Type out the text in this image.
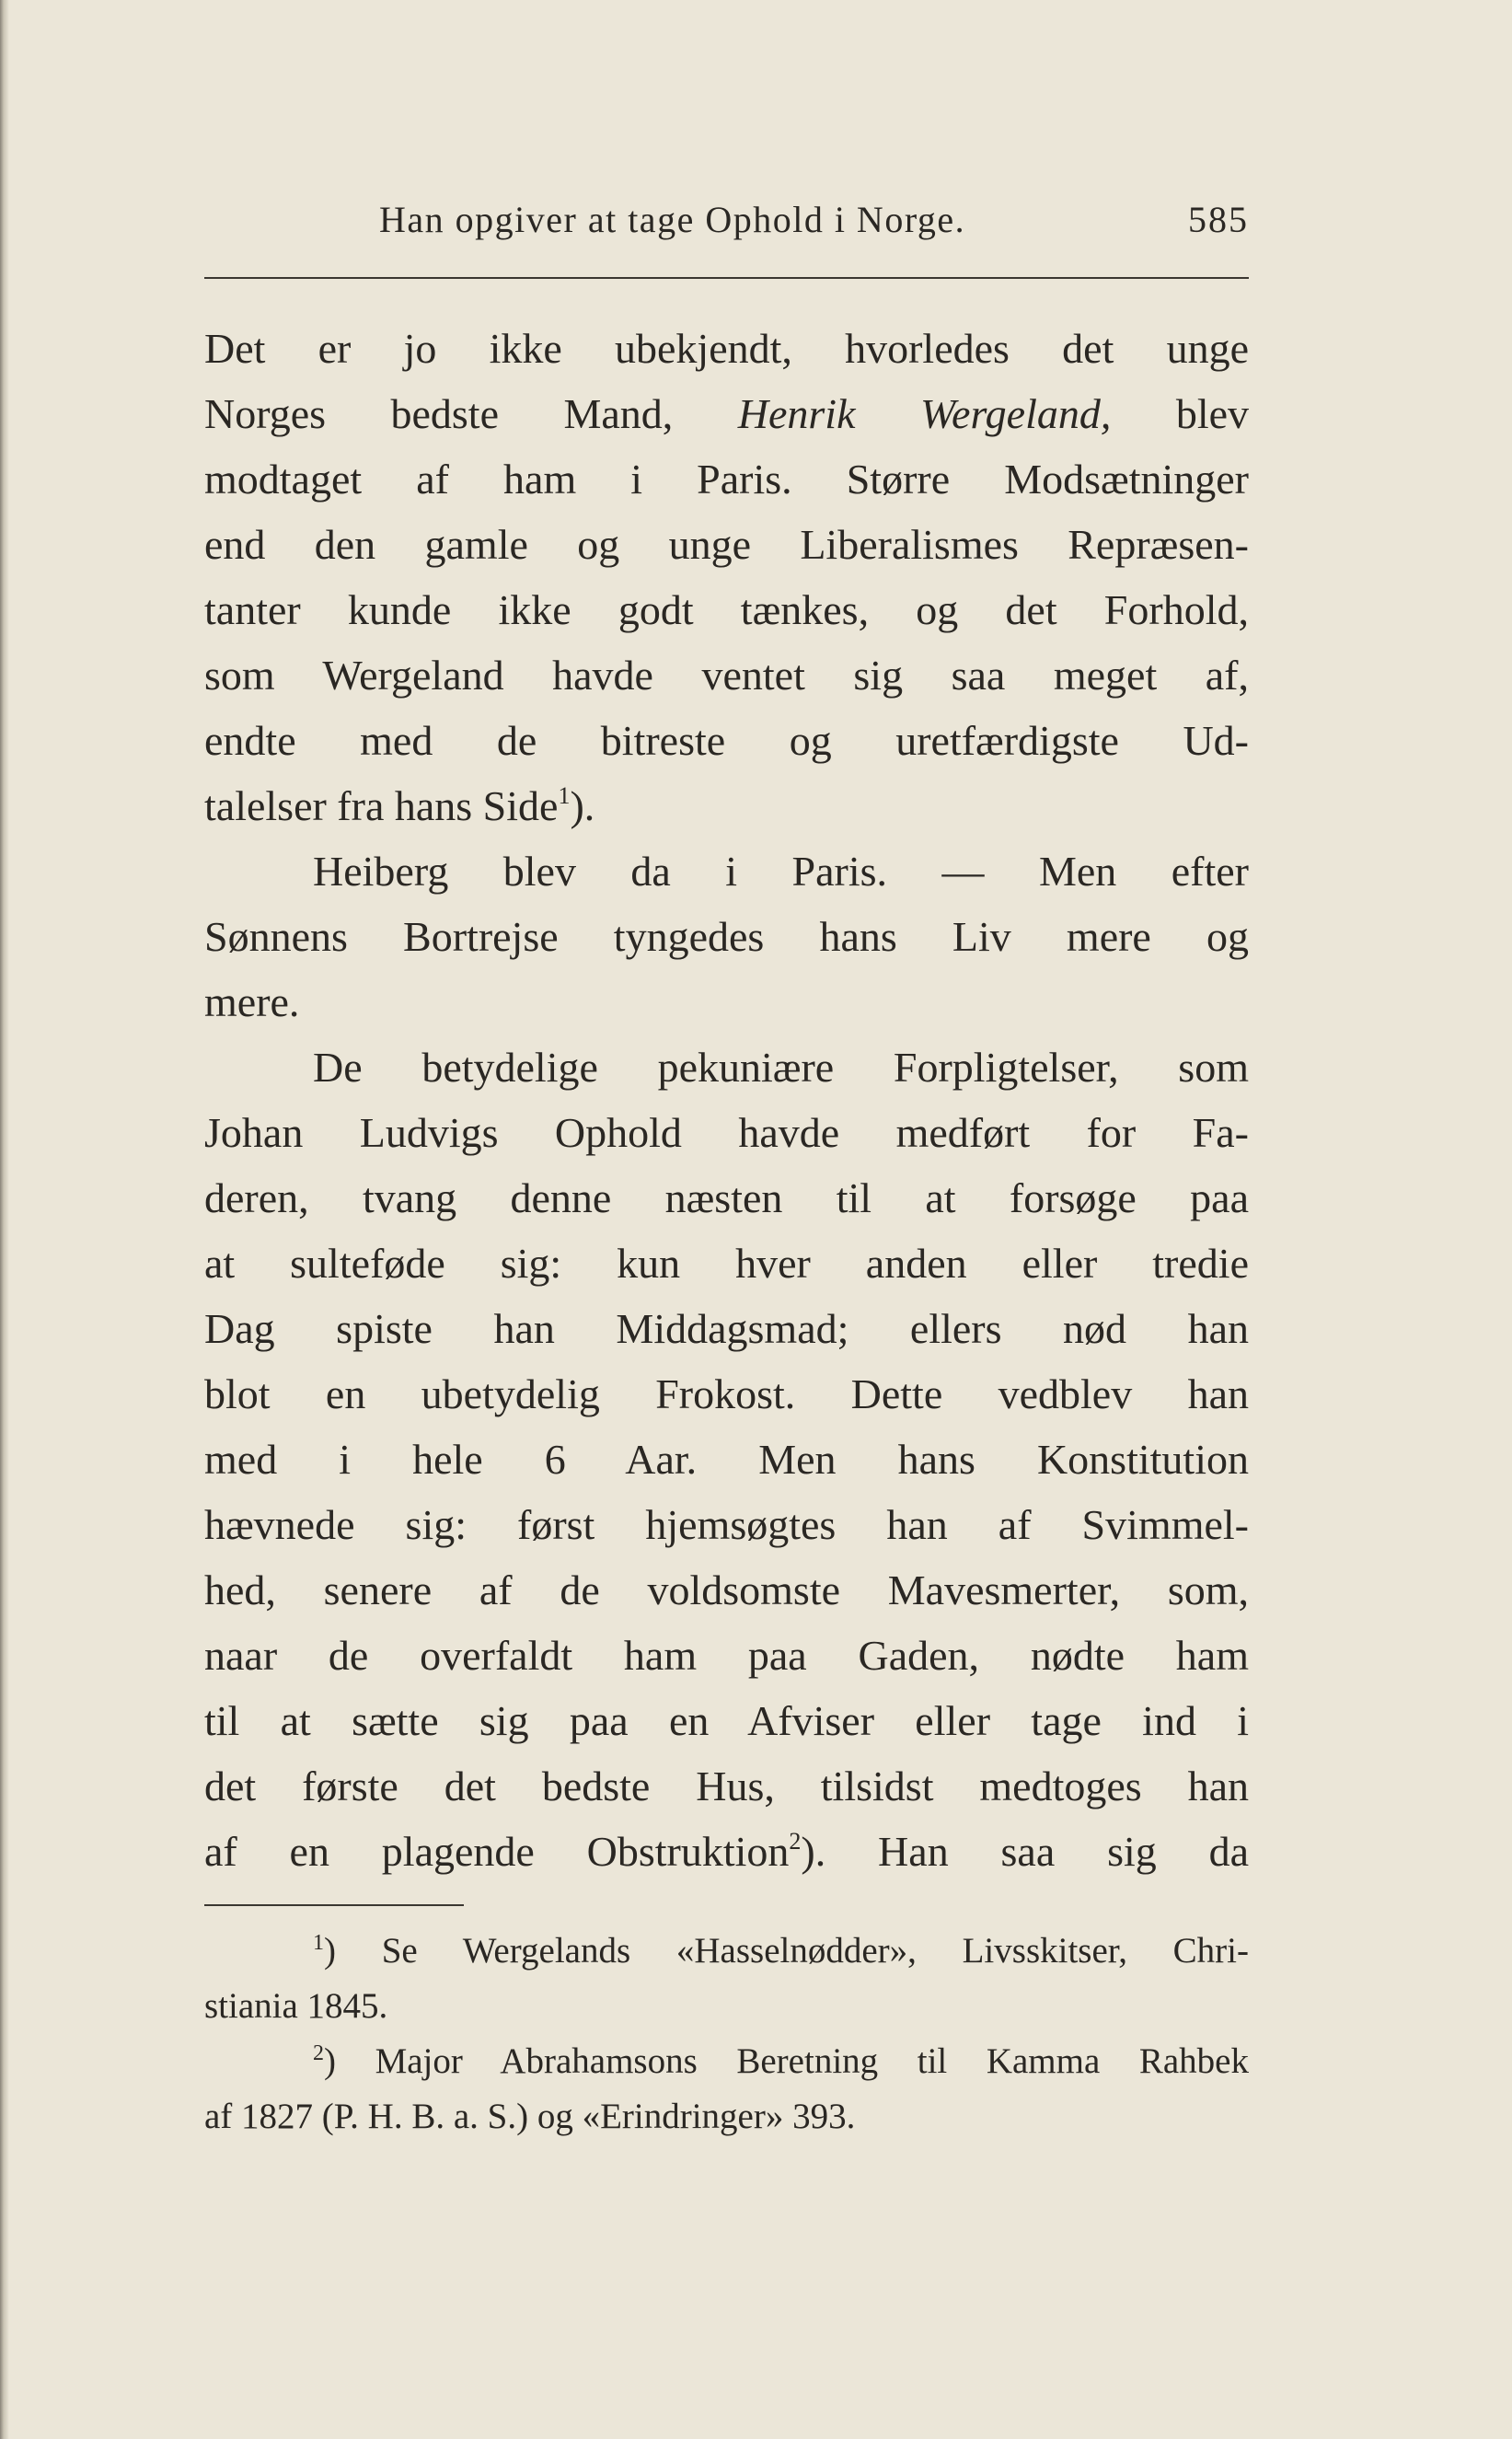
Han opgiver at tage Ophold i Norge.	585
Det er jo ikke ubekjendt, hvorledes det unge
Norges bedste Mand, Henrik Wergeland, blev
modtaget af ham i Paris. Større Modsætninger
end den gamle og unge Liberalismes Repræsen-
tanter kunde ikke godt tænkes, og det Forhold,
som Wergeland havde ventet sig saa meget af,
endte med de bitreste og uretfærdigste Ud-
talelser fra hans Side$^1$).
Heiberg blev da i Paris. — Men efter
Sønnens Bortrejse tyngedes hans Liv mere og
mere.
De betydelige pekuniære Forpligtelser, som
Johan Ludvigs Ophold havde medført for Fa-
deren, tvang denne næsten til at forsøge paa
at sulteføde sig: kun hver anden eller tredie
Dag spiste han Middagsmad; ellers nød han
blot en ubetydelig Frokost. Dette vedblev han
med i hele 6 Aar. Men hans Konstitution
hævnede sig: først hjemsøgtes han af Svimmel-
hed, senere af de voldsomste Mavesmerter, som,
naar de overfaldt ham paa Gaden, nødte ham
til at sætte sig paa en Afviser eller tage ind i
det første det bedste Hus, tilsidst medtoges han
af en plagende Obstruktion$^2$). Han saa sig da
$^1$) Se Wergelands «Hasselnødder», Livsskitser, Chri-
stiania 1845.
$^2$) Major Abrahamsons Beretning til Kamma Rahbek
af 1827 (P. H. B. a. S.) og «Erindringer» 393.
